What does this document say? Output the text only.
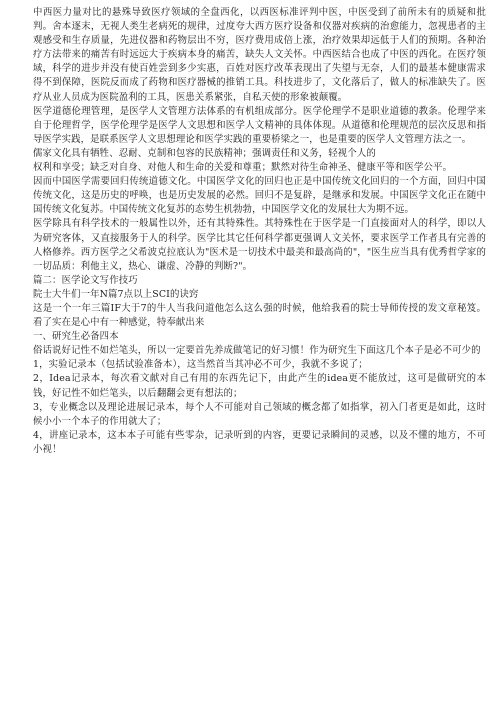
中西医力量对比的悬殊导致医疗领域的全盘西化，以西医标准评判中医，中医受到了前所未有的质疑和批判。舍本逐末，无视人类生老病死的规律，过度夸大西方医疗设备和仪器对疾病的治愈能力，忽视患者的主观感受和生存质量，先进仪器和药物层出不穷，医疗费用成倍上涨，治疗效果却远低于人们的预期。各种治疗方法带来的痛苦有时远远大于疾病本身的痛苦，缺失人文关怀。中西医结合也成了中医的西化。在医疗领域，科学的进步并没有使百姓尝到多少实惠，百姓对医疗改革表现出了失望与无奈，人们的最基本健康需求得不到保障，医院反而成了药物和医疗器械的推销工具。科技进步了，文化落后了，做人的标准缺失了。医疗从业人员成为医院盈利的工具，医患关系紧张，自私天使的形象被颠覆。

医学道德伦理管理，是医学人文管理方法体系的有机组成部分。医学伦理学不是职业道德的教条。伦理学来自于伦理哲学，医学伦理学是医学人文思想和医学人文精神的具体体现。从道德和伦理规范的层次反思和指导医学实践，是联系医学人文思想理论和医学实践的重要桥梁之一，也是重要的医学人文管理方法之一。

儒家文化具有牺牲、忍耐、克制和包容的民族精神；强调责任和义务，轻视个人的

权利和享受；缺乏对自身、对他人和生命的关爱和尊重；默然对待生命神圣、健康平等和医学公平。

因而中国医学需要回归传统道德文化。中国医学文化的回归也正是中国传统文化回归的一个方面，回归中国传统文化，这是历史的呼唤，也是历史发展的必然。回归不是复辟，是继承和发展。中国医学文化正在随中国传统文化复苏。中国传统文化复苏的态势生机勃勃，中国医学文化的发展壮大为期不远。

医学除具有科学技术的一般属性以外，还有其特殊性。其特殊性在于医学是一门直接面对人的科学，即以人为研究客体，又直接服务于人的科学。医学比其它任何科学都更强调人文关怀，要求医学工作者具有完善的人格修养。西方医学之父希波克拉底认为"医术是一切技术中最美和最高尚的"，"医生应当具有优秀哲学家的一切品质：利他主义，热心、谦虚、冷静的判断?"。

篇二：医学论文写作技巧

院士大牛们一年N篇7点以上SCI的诀窍

这是一个一年三篇IF大于7的牛人当我问道他怎么这么强的时候，他给我看的院士导师传授的发文章秘笈。看了实在是心中有一种感觉，特奉献出来

一、研究生必备四本

俗话说好记性不如烂笔头，所以一定要首先养成做笔记的好习惯！作为研究生下面这几个本子是必不可少的

1，实验记录本（包括试验准备本），这当然首当其冲必不可少，我就不多说了；

2，Idea记录本，每次看文献对自己有用的东西先记下，由此产生的idea更不能放过，这可是做研究的本钱，好记性不如烂笔头，以后翻翻会更有想法的；

3，专业概念以及理论进展记录本，每个人不可能对自己领域的概念都了如指掌，初入门者更是如此，这时候小小一个本子的作用就大了；

4，讲座记录本，这本本子可能有些零杂，记录听到的内容，更要记录瞬间的灵感，以及不懂的地方，不可小视！
